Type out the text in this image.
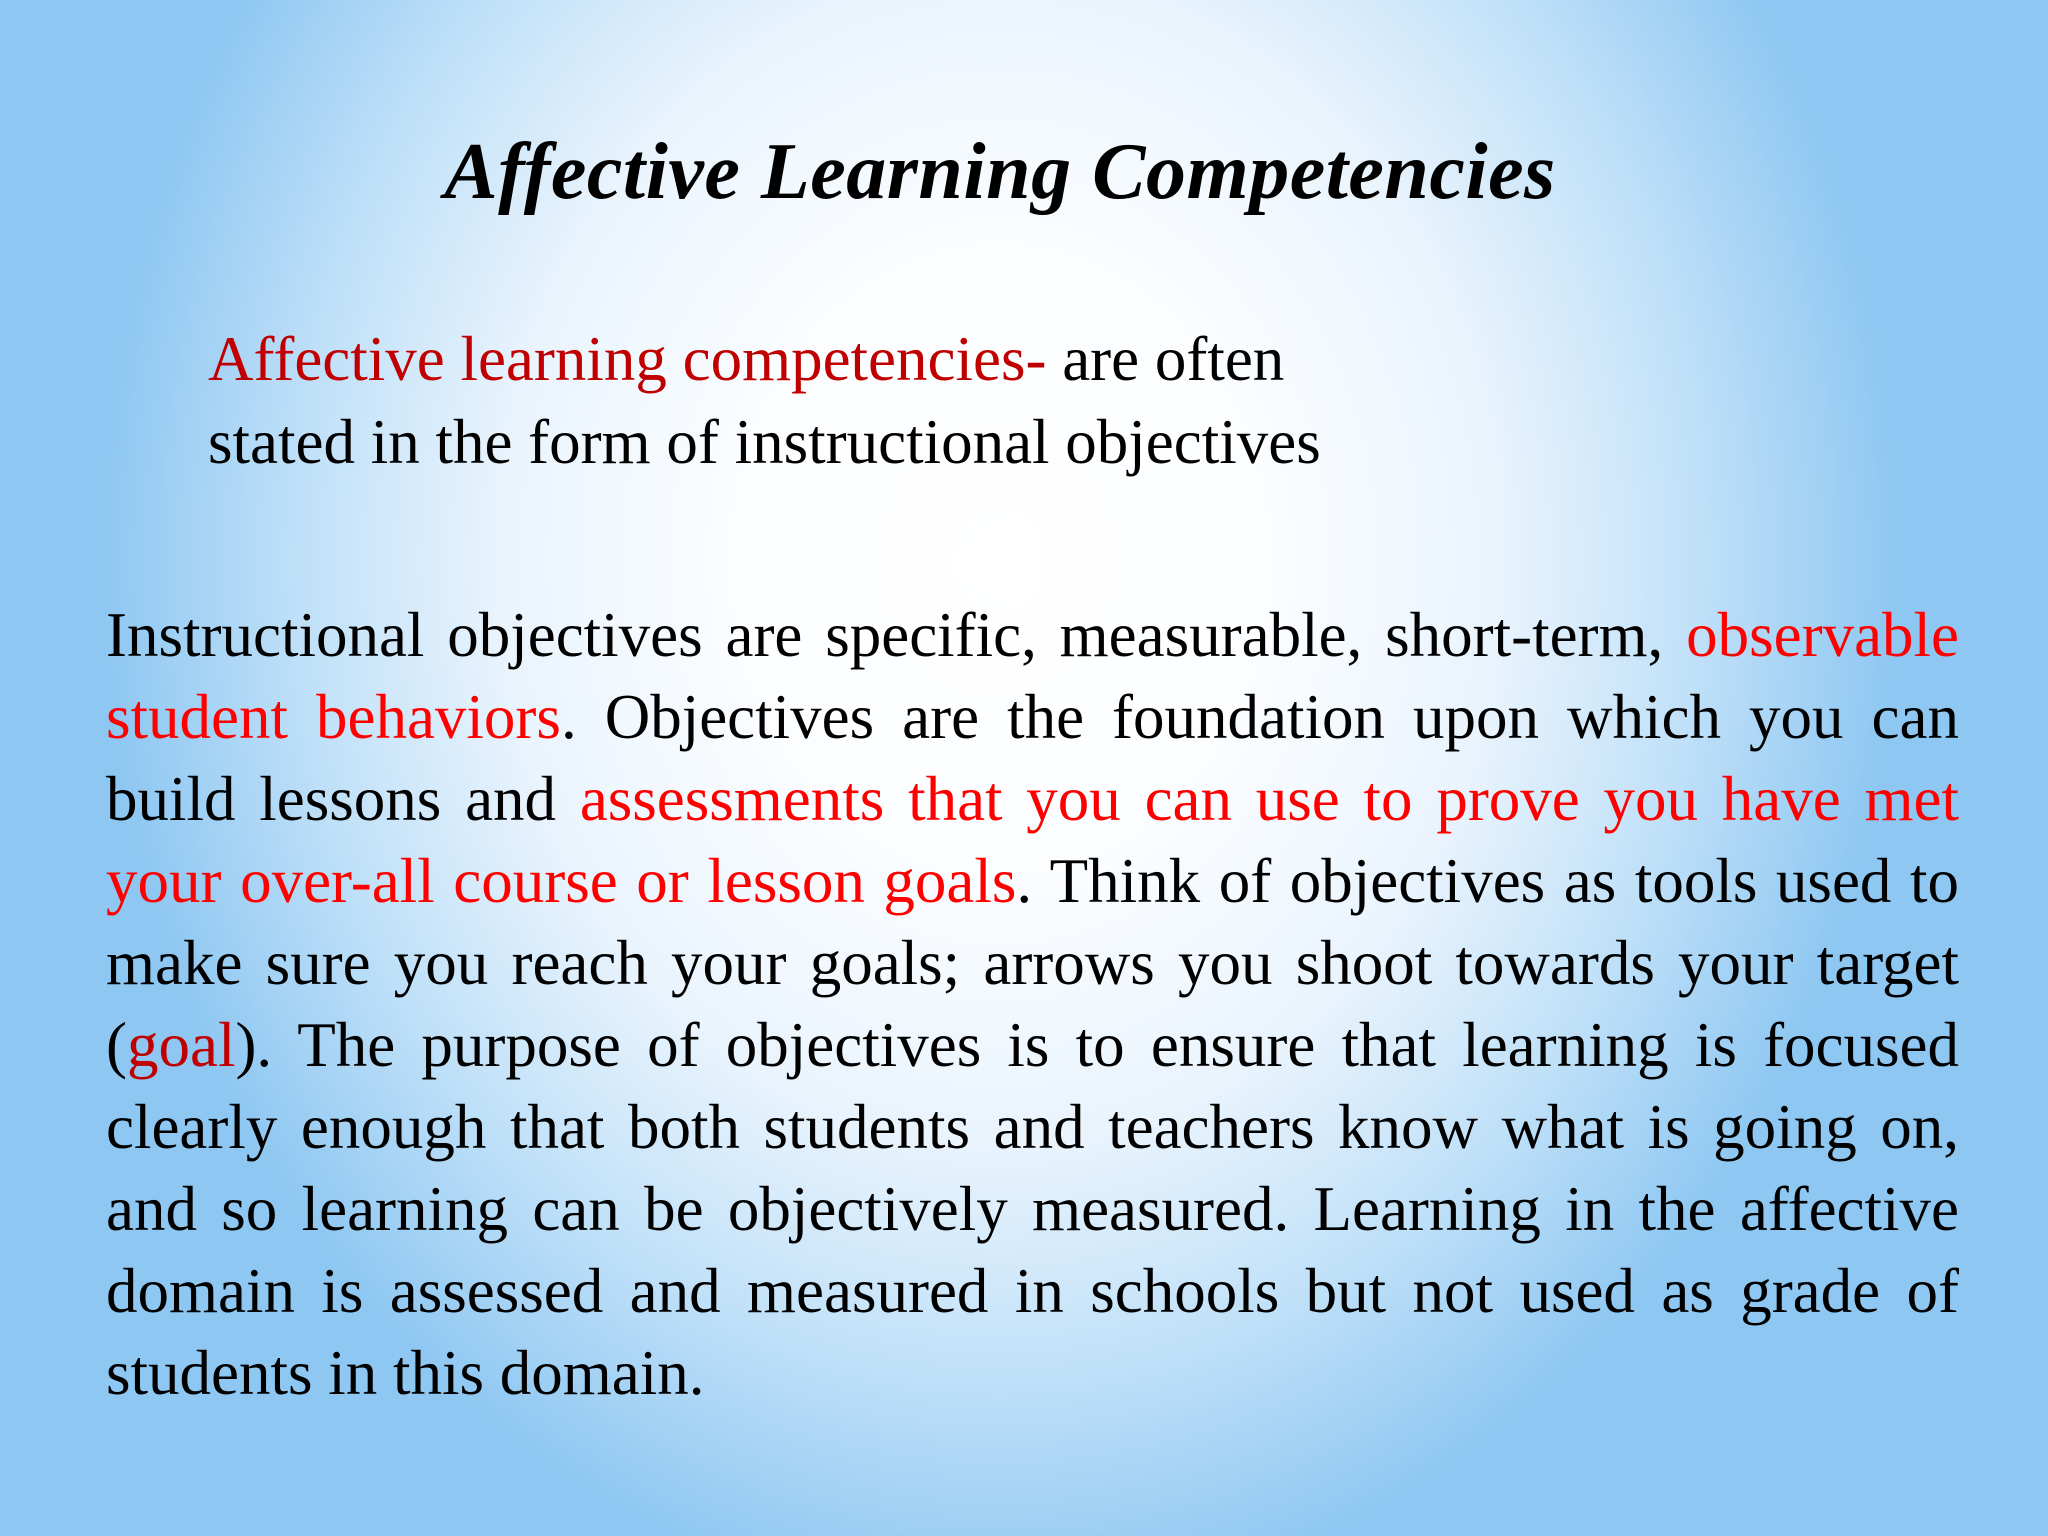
Affective Learning Competencies
Affective learning competencies- are often
stated in the form of instructional objectives
Instructional objectives are specific, measurable, short-term, observable student behaviors. Objectives are the foundation upon which you can build lessons and assessments that you can use to prove you have met your over-all course or lesson goals. Think of objectives as tools used to make sure you reach your goals; arrows you shoot towards your target (goal). The purpose of objectives is to ensure that learning is focused clearly enough that both students and teachers know what is going on, and so learning can be objectively measured. Learning in the affective domain is assessed and measured in schools but not used as grade of students in this domain.
